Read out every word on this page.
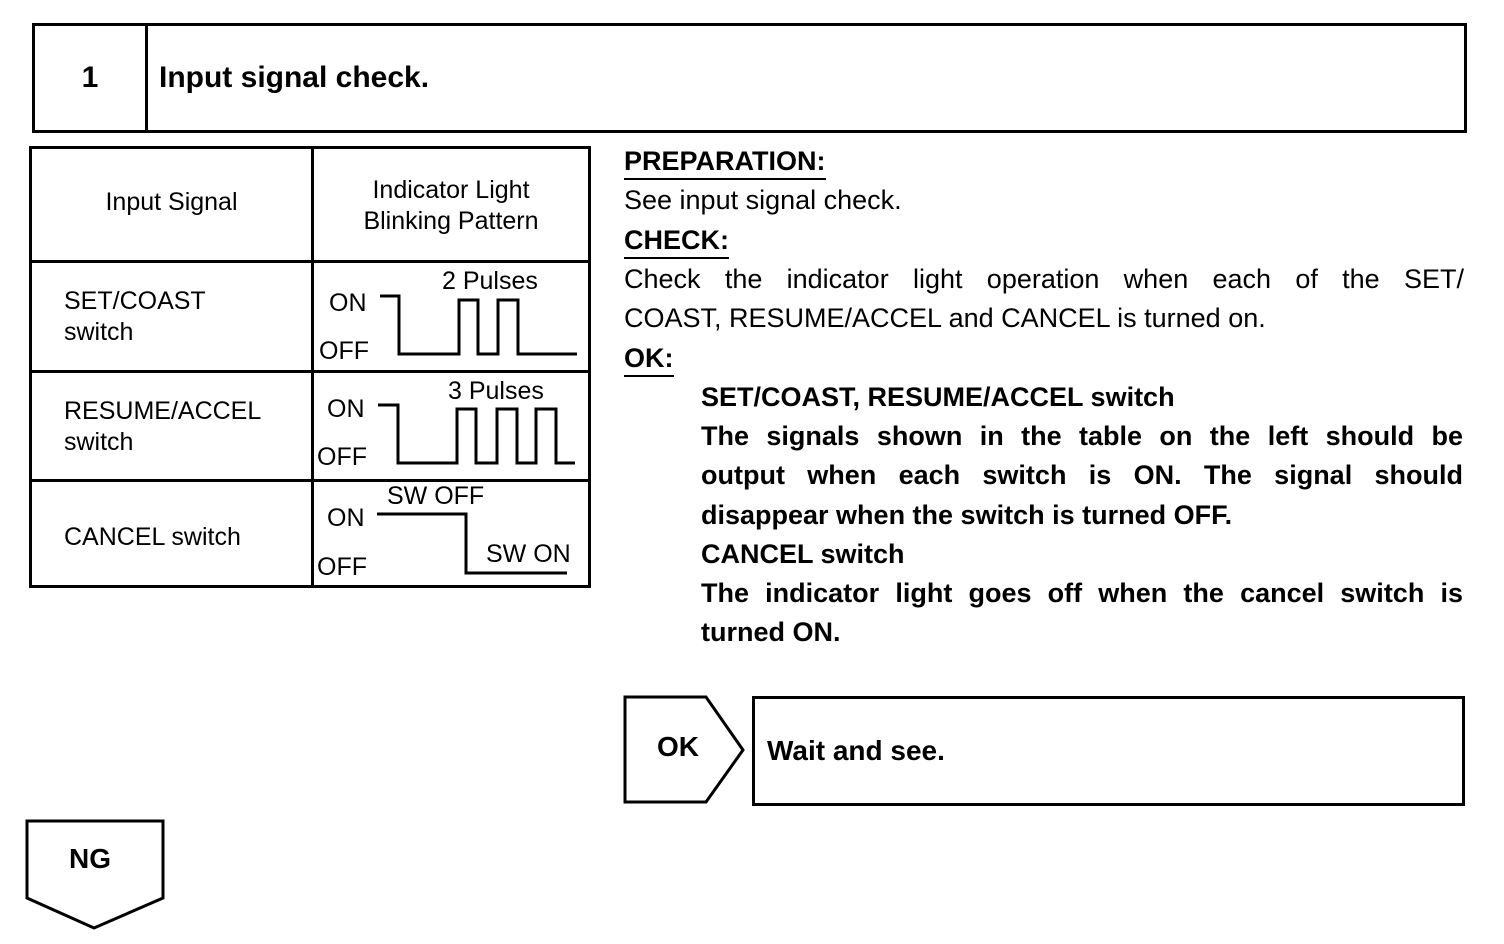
1	Input signal check.
Input Signal	Indicator Light
Blinking Pattern
SET/COAST
switch
ON
OFF
2 Pulses
RESUME/ACCEL
switch
ON
OFF
3 Pulses
CANCEL switch
ON
OFF
SW OFF
SW ON
PREPARATION:
See input signal check.
CHECK:
Check the indicator light operation when each of the SET/
COAST, RESUME/ACCEL and CANCEL is turned on.
OK:
SET/COAST, RESUME/ACCEL switch
The signals shown in the table on the left should be
output when each switch is ON. The signal should
disappear when the switch is turned OFF.
CANCEL switch
The indicator light goes off when the cancel switch is
turned ON.
OK Wait and see.
NG
